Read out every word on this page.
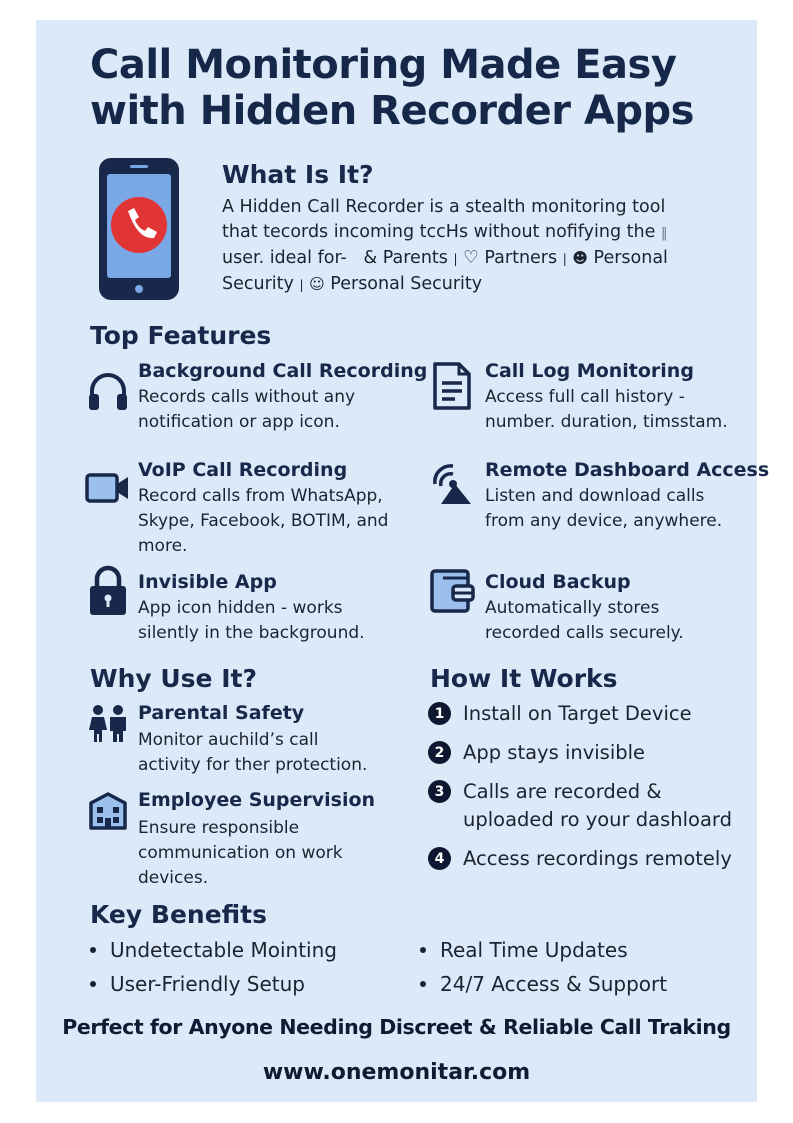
Call Monitoring Made Easy with Hidden Recorder Apps
What Is It?
A Hidden Call Recorder is a stealth monitoring tool
that tecords incoming tccHs without nofifying the ‖
user. ideal for- & Parents | ♡ Partners | ☻ Personal
Security | ☺ Personal Security
Top Features
Background Call Recording
Records calls without any
notification or app icon.
Call Log Monitoring
Access full call history -
number. duration, timsstam.
VoIP Call Recording
Record calls from WhatsApp,
Skype, Facebook, BOTIM, and
more.
Remote Dashboard Access
Listen and download calls
from any device, anywhere.
Invisible App
App icon hidden - works
silently in the background.
Cloud Backup
Automatically stores
recorded calls securely.
Why Use It?
Parental Safety
Monitor auchild’s call
activity for ther protection.
Employee Supervision
Ensure responsible
communication on work
devices.
How It Works
1 Install on Target Device
2 App stays invisible
3 Calls are recorded &
uploaded ro your dashloard
4 Access recordings remotely
Key Benefits
Undetectable Mointing
User-Friendly Setup
Real Time Updates
24/7 Access & Support
Perfect for Anyone Needing Discreet & Reliable Call Traking
www.onemonitar.com
